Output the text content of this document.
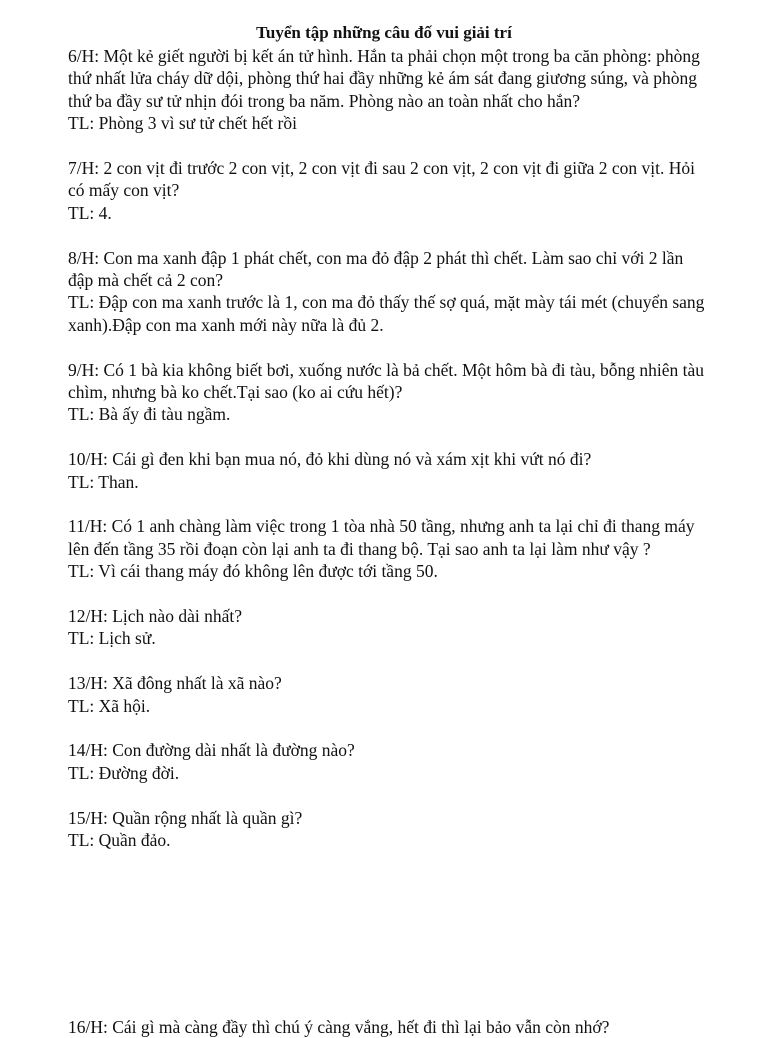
Tuyển tập những câu đố vui giải trí
6/H: Một kẻ giết người bị kết án tử hình. Hắn ta phải chọn một trong ba căn phòng: phòng thứ nhất lửa cháy dữ dội, phòng thứ hai đầy những kẻ ám sát đang giương súng, và phòng thứ ba đầy sư tử nhịn đói trong ba năm. Phòng nào an toàn nhất cho hắn?
TL: Phòng 3 vì sư tử chết hết rồi
7/H: 2 con vịt đi trước 2 con vịt, 2 con vịt đi sau 2 con vịt, 2 con vịt đi giữa 2 con vịt. Hỏi có mấy con vịt?
TL: 4.
8/H: Con ma xanh đập 1 phát chết, con ma đỏ đập 2 phát thì chết. Làm sao chỉ với 2 lần đập mà chết cả 2 con?
TL: Đập con ma xanh trước là 1, con ma đỏ thấy thế sợ quá, mặt mày tái mét (chuyển sang xanh).Đập con ma xanh mới này nữa là đủ 2.
9/H: Có 1 bà kia không biết bơi, xuống nước là bả chết. Một hôm bà đi tàu, bỗng nhiên tàu chìm, nhưng bà ko chết.Tại sao (ko ai cứu hết)?
TL: Bà ấy đi tàu ngầm.
10/H: Cái gì đen khi bạn mua nó, đỏ khi dùng nó và xám xịt khi vứt nó đi?
TL: Than.
11/H: Có 1 anh chàng làm việc trong 1 tòa nhà 50 tầng, nhưng anh ta lại chỉ đi thang máy lên đến tầng 35 rồi đoạn còn lại anh ta đi thang bộ. Tại sao anh ta lại làm như vậy ?
TL: Vì cái thang máy đó không lên được tới tầng 50.
12/H: Lịch nào dài nhất?
TL: Lịch sử.
13/H: Xã đông nhất là xã nào?
TL: Xã hội.
14/H: Con đường dài nhất là đường nào?
TL: Đường đời.
15/H: Quần rộng nhất là quần gì?
TL: Quần đảo.
16/H: Cái gì mà càng đầy thì chú ý càng vắng, hết đi thì lại bảo vẫn còn nhớ?
